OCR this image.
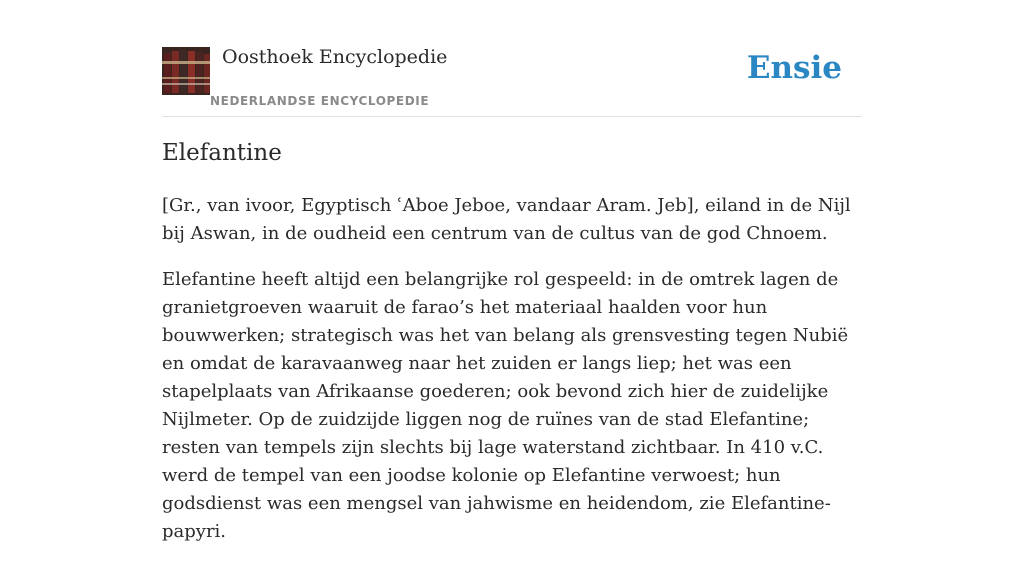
Oosthoek Encyclopedie
NEDERLANDSE ENCYCLOPEDIE
Ensie
Elefantine

[Gr., van ivoor, Egyptisch ʿAboe Jeboe, vandaar Aram. Jeb], eiland in de Nijl bij Aswan, in de oudheid een centrum van de cultus van de god Chnoem.

Elefantine heeft altijd een belangrijke rol gespeeld: in de omtrek lagen de granietgroeven waaruit de farao’s het materiaal haalden voor hun bouwwerken; strategisch was het van belang als grensvesting tegen Nubië en omdat de karavaanweg naar het zuiden er langs liep; het was een stapelplaats van Afrikaanse goederen; ook bevond zich hier de zuidelijke Nijlmeter. Op de zuidzijde liggen nog de ruïnes van de stad Elefantine; resten van tempels zijn slechts bij lage waterstand zichtbaar. In 410 v.C. werd de tempel van een joodse kolonie op Elefantine verwoest; hun godsdienst was een mengsel van jahwisme en heidendom, zie Elefantine-papyri.
